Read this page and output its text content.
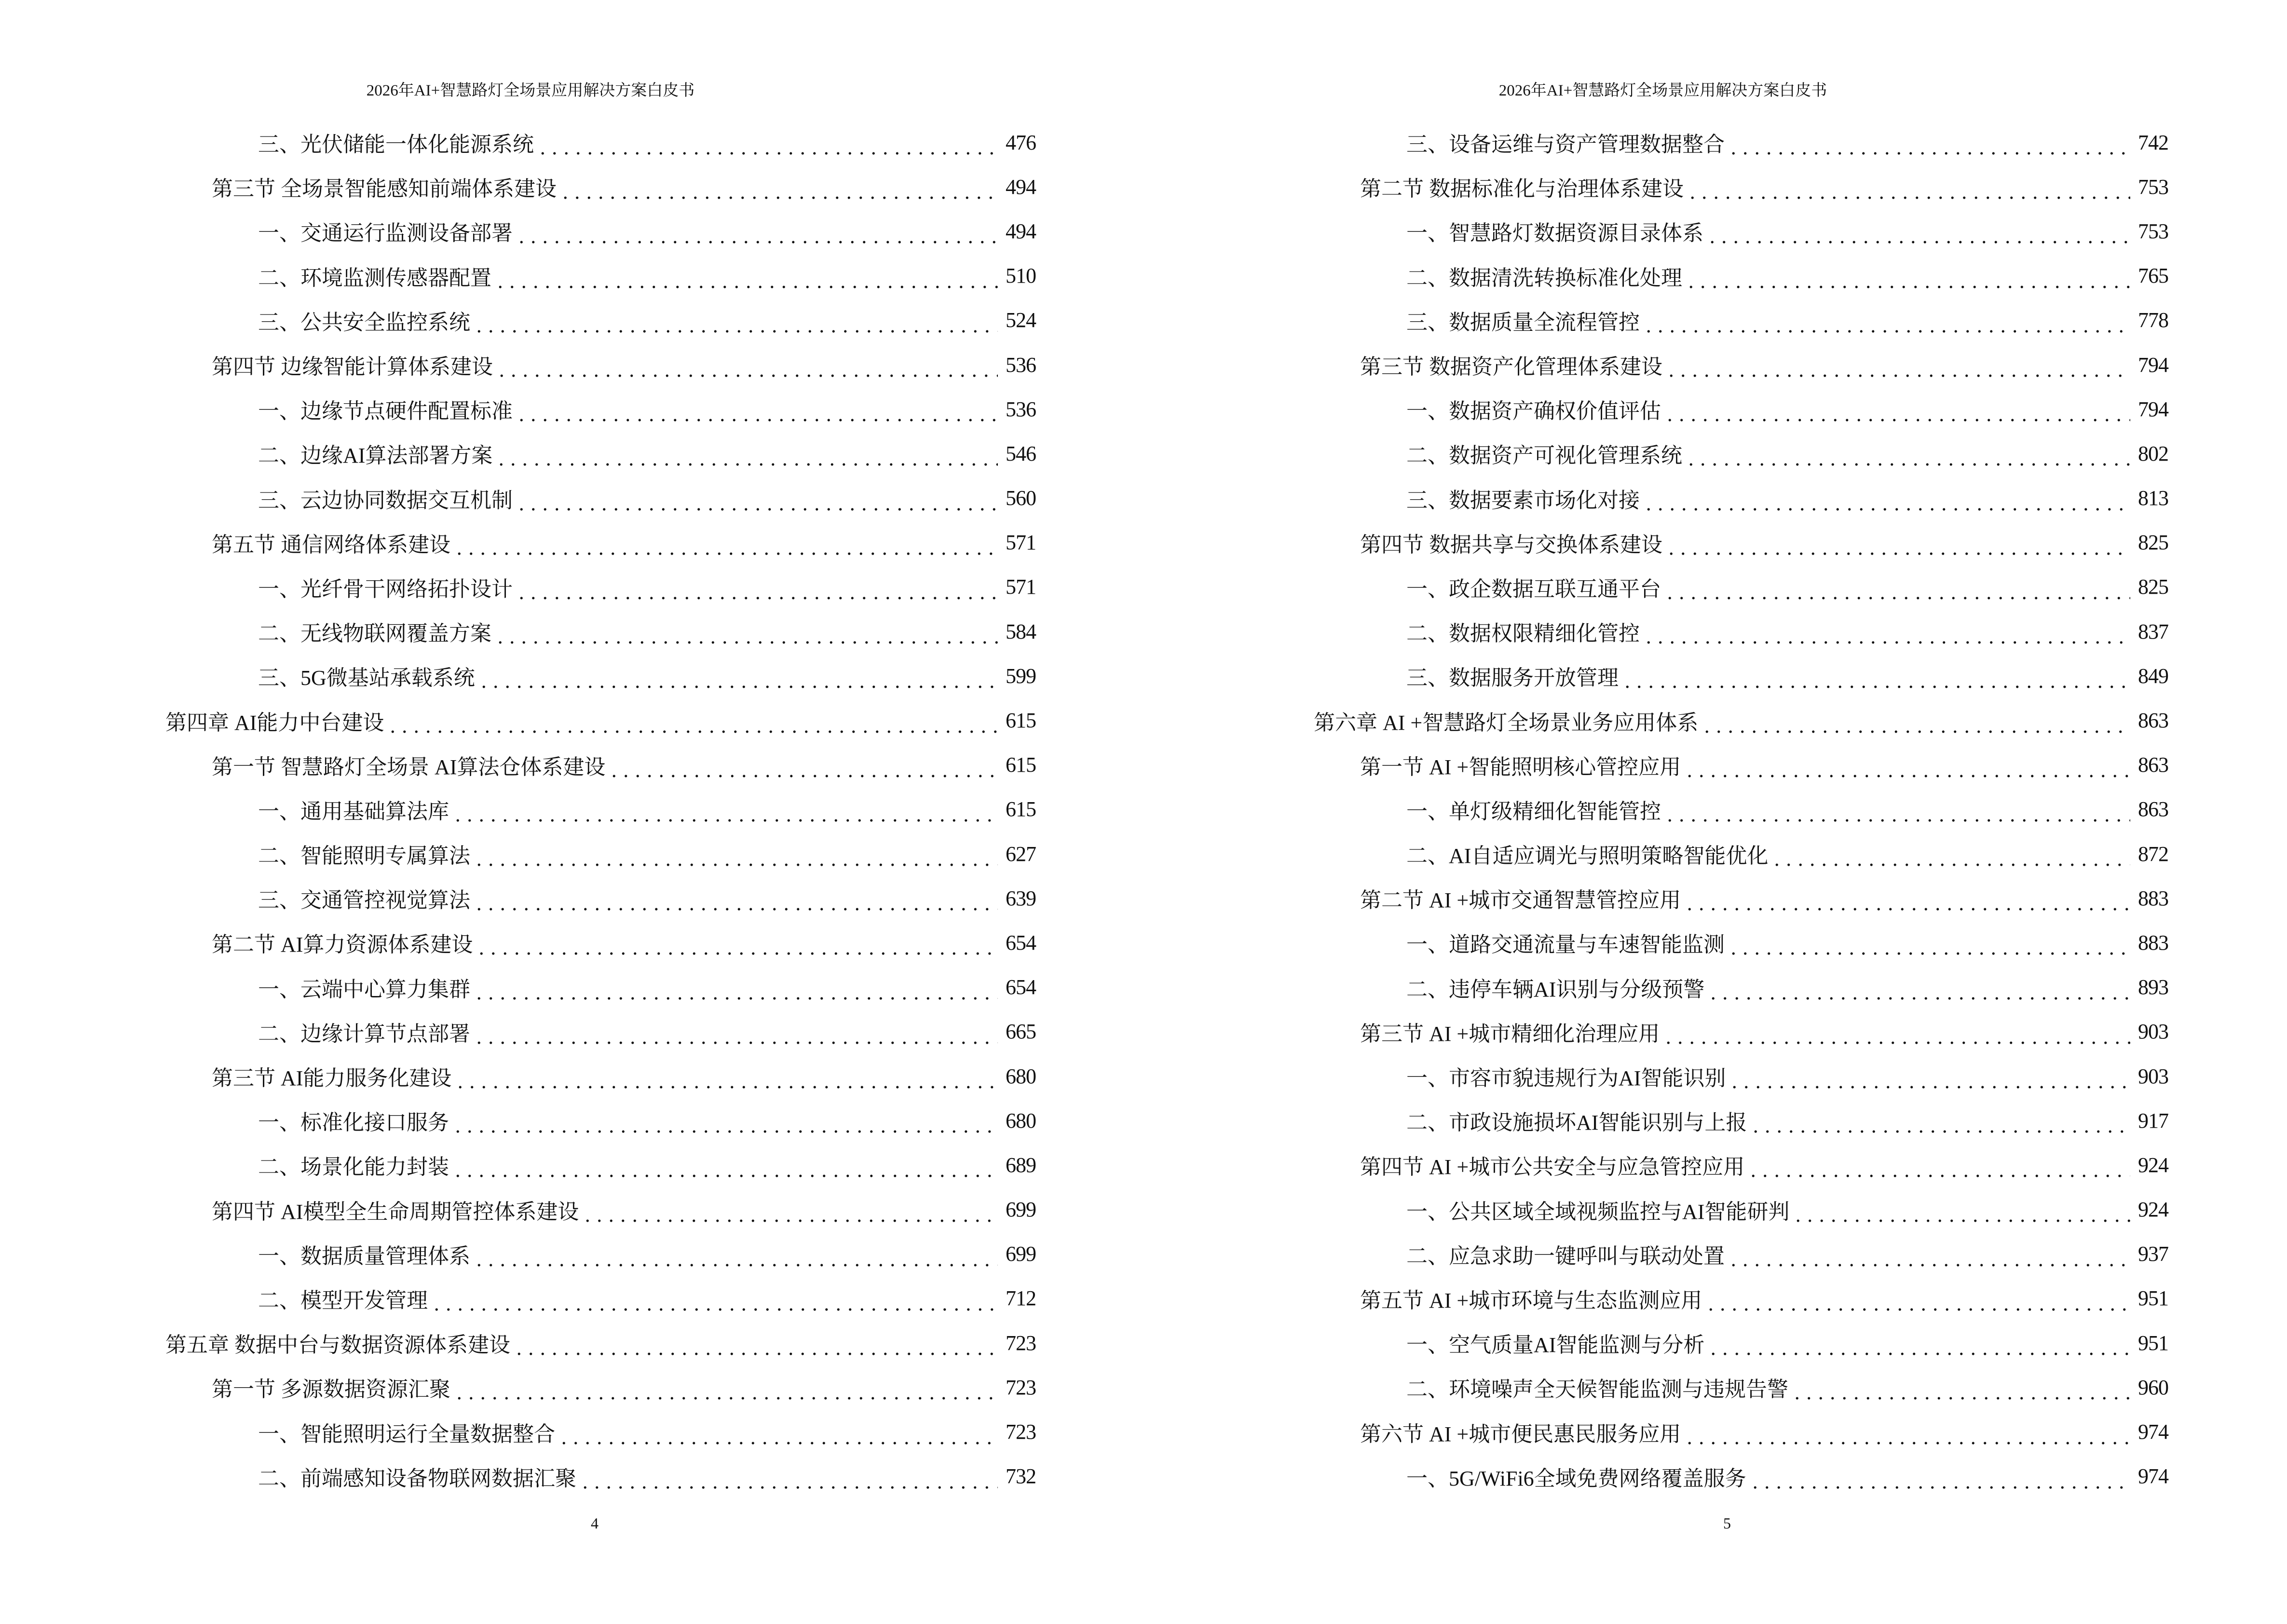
2026年AI+智慧路灯全场景应用解决方案白皮书
三、光伏储能一体化能源系统	476
第三节 全场景智能感知前端体系建设	494
一、交通运行监测设备部署	494
二、环境监测传感器配置	510
三、公共安全监控系统	524
第四节 边缘智能计算体系建设	536
一、边缘节点硬件配置标准	536
二、边缘AI算法部署方案	546
三、云边协同数据交互机制	560
第五节 通信网络体系建设	571
一、光纤骨干网络拓扑设计	571
二、无线物联网覆盖方案	584
三、5G微基站承载系统	599
第四章 AI能力中台建设	615
第一节 智慧路灯全场景 AI算法仓体系建设	615
一、通用基础算法库	615
二、智能照明专属算法	627
三、交通管控视觉算法	639
第二节 AI算力资源体系建设	654
一、云端中心算力集群	654
二、边缘计算节点部署	665
第三节 AI能力服务化建设	680
一、标准化接口服务	680
二、场景化能力封装	689
第四节 AI模型全生命周期管控体系建设	699
一、数据质量管理体系	699
二、模型开发管理	712
第五章 数据中台与数据资源体系建设	723
第一节 多源数据资源汇聚	723
一、智能照明运行全量数据整合	723
二、前端感知设备物联网数据汇聚	732
4
2026年AI+智慧路灯全场景应用解决方案白皮书
三、设备运维与资产管理数据整合	742
第二节 数据标准化与治理体系建设	753
一、智慧路灯数据资源目录体系	753
二、数据清洗转换标准化处理	765
三、数据质量全流程管控	778
第三节 数据资产化管理体系建设	794
一、数据资产确权价值评估	794
二、数据资产可视化管理系统	802
三、数据要素市场化对接	813
第四节 数据共享与交换体系建设	825
一、政企数据互联互通平台	825
二、数据权限精细化管控	837
三、数据服务开放管理	849
第六章 AI +智慧路灯全场景业务应用体系	863
第一节 AI +智能照明核心管控应用	863
一、单灯级精细化智能管控	863
二、AI自适应调光与照明策略智能优化	872
第二节 AI +城市交通智慧管控应用	883
一、道路交通流量与车速智能监测	883
二、违停车辆AI识别与分级预警	893
第三节 AI +城市精细化治理应用	903
一、市容市貌违规行为AI智能识别	903
二、市政设施损坏AI智能识别与上报	917
第四节 AI +城市公共安全与应急管控应用	924
一、公共区域全域视频监控与AI智能研判	924
二、应急求助一键呼叫与联动处置	937
第五节 AI +城市环境与生态监测应用	951
一、空气质量AI智能监测与分析	951
二、环境噪声全天候智能监测与违规告警	960
第六节 AI +城市便民惠民服务应用	974
一、5G/WiFi6全域免费网络覆盖服务	974
5
